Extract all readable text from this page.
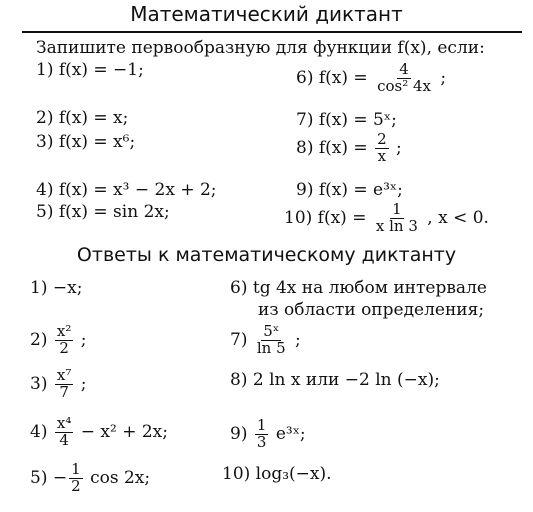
Математический диктант
Запишите первообразную для функции f(x), если:
1) f(x) = −1;
2) f(x) = x;
3) f(x) = x⁶;
4) f(x) = x³ − 2x + 2;
5) f(x) = sin 2x;
6) $f(x) = \frac{4}{\text{cos² 4x}}$ ;
7) f(x) = 5ˣ;
8) $f(x) = \frac{2}{x}$ ;
9) f(x) = e³ˣ;
10) $f(x) = \frac{1}{\text{x ln 3}}$ , x < 0.
Ответы к математическому диктанту
1) −x;
$2) \frac{\text{x²}}{2}$ ;
$3) \frac{\text{x⁷}}{7}$ ;
$4) \frac{\text{x⁴}}{4} - x^2 + 2x$;
$5) - \frac{1}{2}$ cos 2x;
6) tg 4x на любом интервале
из области определения;
$7) \frac{\text{5ˣ}}{\ln 5}$ ;
8) 2 ln x или −2 ln (−x);
$9) \frac{1}{3}$ e³ˣ;
10) log₃(−x).
